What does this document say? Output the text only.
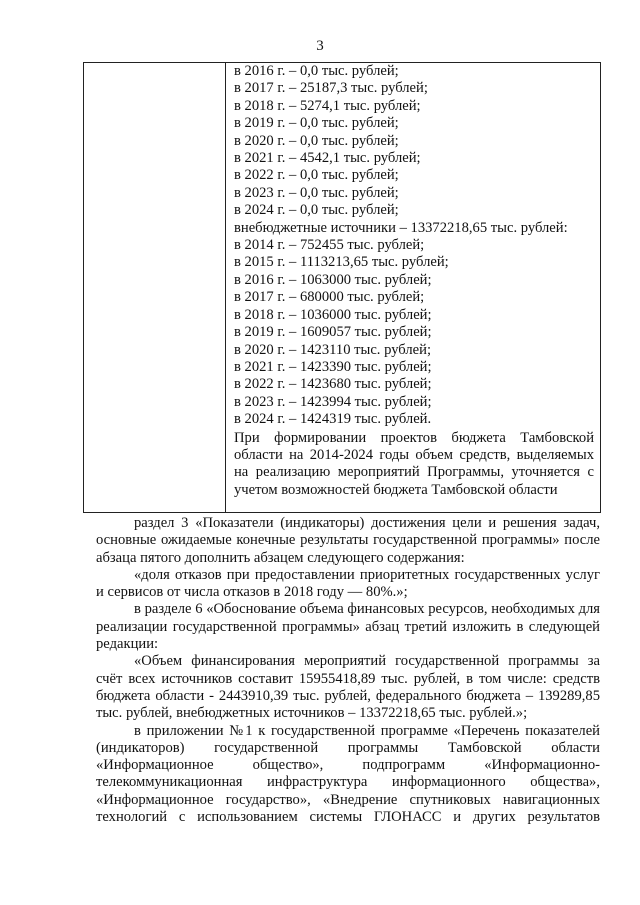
3
в 2016 г. – 0,0 тыс. рублей;
в 2017 г. – 25187,3 тыс. рублей;
в 2018 г. – 5274,1 тыс. рублей;
в 2019 г. – 0,0 тыс. рублей;
в 2020 г. – 0,0 тыс. рублей;
в 2021 г. – 4542,1 тыс. рублей;
в 2022 г. – 0,0 тыс. рублей;
в 2023 г. – 0,0 тыс. рублей;
в 2024 г. – 0,0 тыс. рублей;
внебюджетные источники – 13372218,65 тыс. рублей:
в 2014 г. – 752455 тыс. рублей;
в 2015 г. – 1113213,65 тыс. рублей;
в 2016 г. – 1063000 тыс. рублей;
в 2017 г. – 680000 тыс. рублей;
в 2018 г. – 1036000 тыс. рублей;
в 2019 г. – 1609057 тыс. рублей;
в 2020 г. – 1423110 тыс. рублей;
в 2021 г. – 1423390 тыс. рублей;
в 2022 г. – 1423680 тыс. рублей;
в 2023 г. – 1423994 тыс. рублей;
в 2024 г. – 1424319 тыс. рублей.
При формировании проектов бюджета Тамбовской области на 2014-2024 годы объем средств, выделяемых на реализацию мероприятий Программы, уточняется с учетом возможностей бюджета Тамбовской области

раздел 3 «Показатели (индикаторы) достижения цели и решения задач, основные ожидаемые конечные результаты государственной программы» после абзаца пятого дополнить абзацем следующего содержания:

«доля отказов при предоставлении приоритетных государственных услуг и сервисов от числа отказов в 2018 году — 80%.»;

в разделе 6 «Обоснование объема финансовых ресурсов, необходимых для реализации государственной программы» абзац третий изложить в следующей редакции:

«Объем финансирования мероприятий государственной программы за счёт всех источников составит 15955418,89 тыс. рублей, в том числе: средств бюджета области - 2443910,39 тыс. рублей, федерального бюджета – 139289,85 тыс. рублей, внебюджетных источников – 13372218,65 тыс. рублей.»;

в приложении №1 к государственной программе «Перечень показателей (индикаторов) государственной программы Тамбовской области «Информационное общество», подпрограмм «Информационно-телекоммуникационная инфраструктура информационного общества», «Информационное государство», «Внедрение спутниковых навигационных технологий с использованием системы ГЛОНАСС и других результатов
